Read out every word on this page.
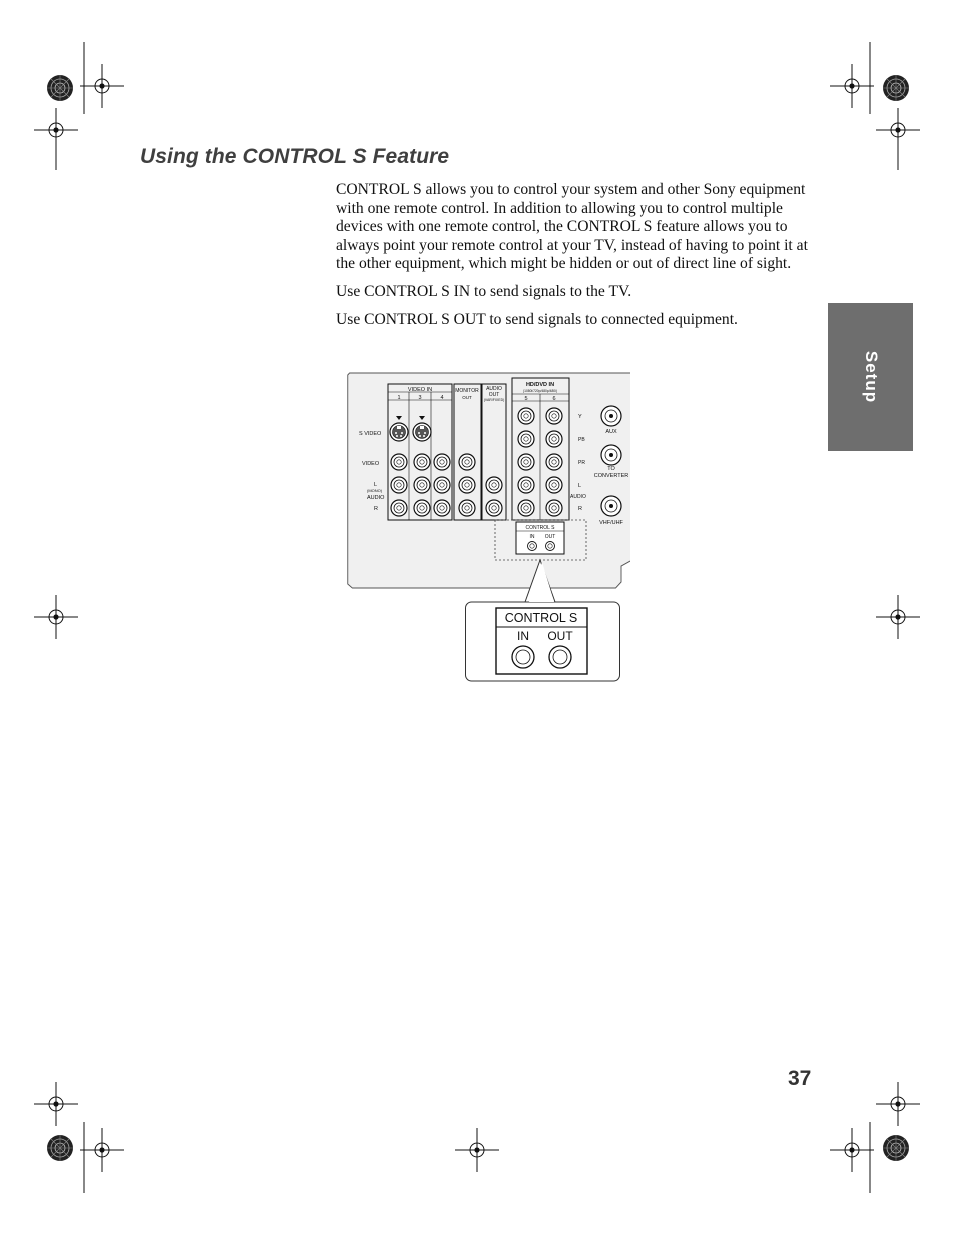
Using the CONTROL S Feature

CONTROL S allows you to control your system and other Sony equipment with one remote control. In addition to allowing you to control multiple devices with one remote control, the CONTROL S feature allows you to always point your remote control at your TV, instead of having to point it at the other equipment, which might be hidden or out of direct line of sight.

Use CONTROL S IN to send signals to the TV.

Use CONTROL S OUT to send signals to connected equipment.

Setup
VIDEO IN
1	3	4
MONITOR
OUT
AUDIO
OUT
(VAR/FIXED)
S VIDEO
VIDEO
L
(MONO)
AUDIO
R
HD/DVD IN
(1080i/720p/480p/480i)
5	6
Y
PB
PR
L
AUDIO
R
AUX
TO
CONVERTER
VHF/UHF
CONTROL S
IN OUT
CONTROL S
IN OUT
37
